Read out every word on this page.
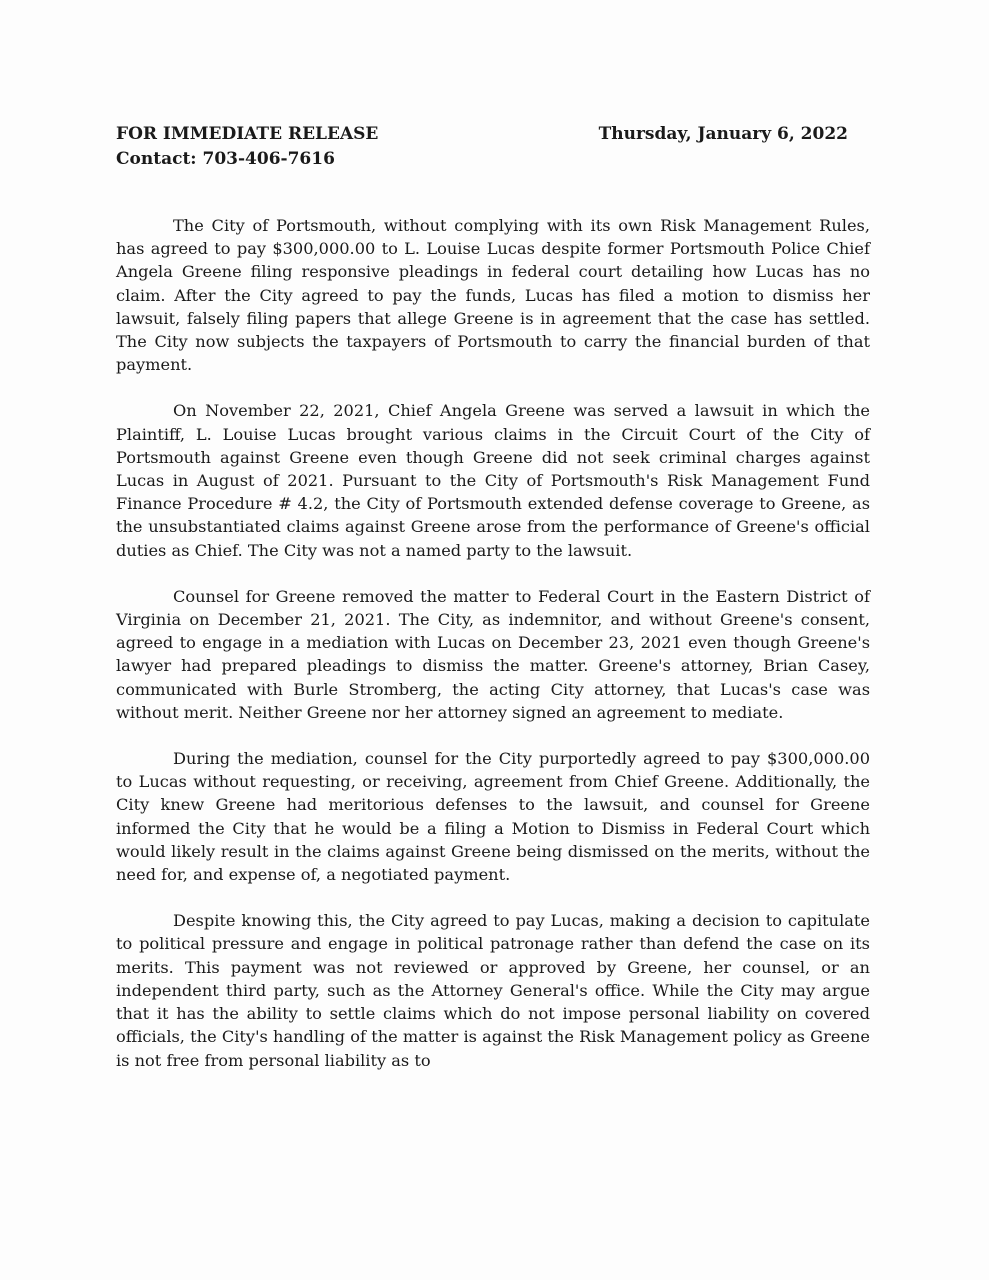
FOR IMMEDIATE RELEASE
Contact: 703-406-7616
Thursday, January 6, 2022

The City of Portsmouth, without complying with its own Risk Management Rules, has agreed to pay $300,000.00 to L. Louise Lucas despite former Portsmouth Police Chief Angela Greene filing responsive pleadings in federal court detailing how Lucas has no claim. After the City agreed to pay the funds, Lucas has filed a motion to dismiss her lawsuit, falsely filing papers that allege Greene is in agreement that the case has settled. The City now subjects the taxpayers of Portsmouth to carry the financial burden of that payment.

On November 22, 2021, Chief Angela Greene was served a lawsuit in which the Plaintiff, L. Louise Lucas brought various claims in the Circuit Court of the City of Portsmouth against Greene even though Greene did not seek criminal charges against Lucas in August of 2021. Pursuant to the City of Portsmouth's Risk Management Fund Finance Procedure # 4.2, the City of Portsmouth extended defense coverage to Greene, as the unsubstantiated claims against Greene arose from the performance of Greene's official duties as Chief. The City was not a named party to the lawsuit.

Counsel for Greene removed the matter to Federal Court in the Eastern District of Virginia on December 21, 2021. The City, as indemnitor, and without Greene's consent, agreed to engage in a mediation with Lucas on December 23, 2021 even though Greene's lawyer had prepared pleadings to dismiss the matter. Greene's attorney, Brian Casey, communicated with Burle Stromberg, the acting City attorney, that Lucas's case was without merit. Neither Greene nor her attorney signed an agreement to mediate.

During the mediation, counsel for the City purportedly agreed to pay $300,000.00 to Lucas without requesting, or receiving, agreement from Chief Greene. Additionally, the City knew Greene had meritorious defenses to the lawsuit, and counsel for Greene informed the City that he would be a filing a Motion to Dismiss in Federal Court which would likely result in the claims against Greene being dismissed on the merits, without the need for, and expense of, a negotiated payment.

Despite knowing this, the City agreed to pay Lucas, making a decision to capitulate to political pressure and engage in political patronage rather than defend the case on its merits. This payment was not reviewed or approved by Greene, her counsel, or an independent third party, such as the Attorney General's office. While the City may argue that it has the ability to settle claims which do not impose personal liability on covered officials, the City's handling of the matter is against the Risk Management policy as Greene is not free from personal liability as to
